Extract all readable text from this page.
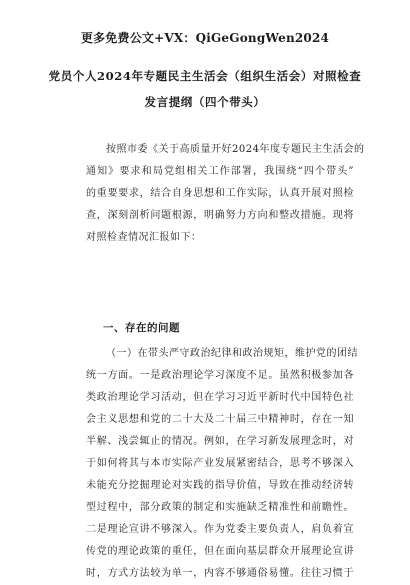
更多免费公文+VX：QiGeGongWen2024
党员个人2024年专题民主生活会（组织生活会）对照检查
发言提纲（四个带头）
按照市委《关于高质量开好2024年度专题民主生活会的
通知》要求和局党组相关工作部署，我围绕“四个带头”
的重要要求，结合自身思想和工作实际，认真开展对照检
查，深刻剖析问题根源，明确努力方向和整改措施。现将
对照检查情况汇报如下：
一、存在的问题
（一）在带头严守政治纪律和政治规矩，维护党的团结
统一方面。一是政治理论学习深度不足。虽然积极参加各
类政治理论学习活动，但在学习习近平新时代中国特色社
会主义思想和党的二十大及二十届三中精神时，存在一知
半解、浅尝辄止的情况。例如，在学习新发展理念时，对
于如何将其与本市实际产业发展紧密结合，思考不够深入
未能充分挖掘理论对实践的指导价值，导致在推动经济转
型过程中，部分政策的制定和实施缺乏精准性和前瞻性。
二是理论宣讲不够深入。作为党委主要负责人，肩负着宣
传党的理论政策的重任，但在面向基层群众开展理论宣讲
时，方式方法较为单一，内容不够通俗易懂。往往习惯于
